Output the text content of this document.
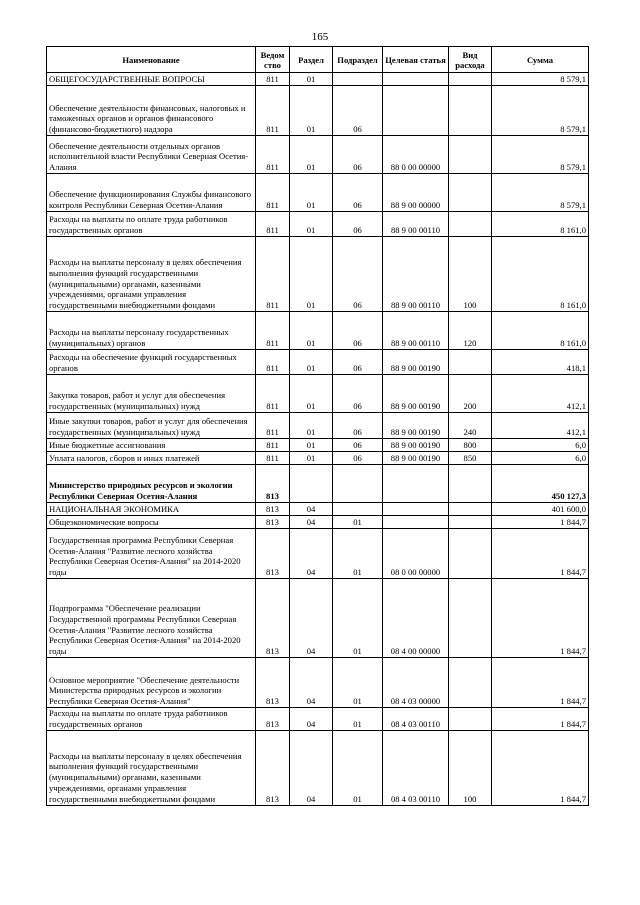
165
Наименование	Ведом ство	Раздел	Подраздел	Целевая статья	Вид расхода	Сумма
ОБЩЕГОСУДАРСТВЕННЫЕ ВОПРОСЫ	811	01				8 579,1
Обеспечение деятельности финансовых, налоговых и таможенных органов и органов финансового (финансово-бюджетного) надзора	811	01	06			8 579,1
Обеспечение деятельности отдельных органов исполнительной власти Республики Северная Осетия-Алания	811	01	06	88 0 00 00000		8 579,1
Обеспечение функционирования Службы финансового контроля Республики Северная Осетия-Алания	811	01	06	88 9 00 00000		8 579,1
Расходы на выплаты по оплате труда работников государственных органов	811	01	06	88 9 00 00110		8 161,0
Расходы на выплаты персоналу в целях обеспечения выполнения функций государственными (муниципальными) органами, казенными учреждениями, органами управления государственными внебюджетными фондами	811	01	06	88 9 00 00110	100	8 161,0
Расходы на выплаты персоналу государственных (муниципальных) органов	811	01	06	88 9 00 00110	120	8 161,0
Расходы на обеспечение функций государственных органов	811	01	06	88 9 00 00190		418,1
Закупка товаров, работ и услуг для обеспечения государственных (муниципальных) нужд	811	01	06	88 9 00 00190	200	412,1
Иные закупки товаров, работ и услуг для обеспечения государственных (муниципальных) нужд	811	01	06	88 9 00 00190	240	412,1
Иные бюджетные ассигнования	811	01	06	88 9 00 00190	800	6,0
Уплата налогов, сборов и иных платежей	811	01	06	88 9 00 00190	850	6,0
Министерство природных ресурсов и экологии Республики Северная Осетия-Алания	813					450 127,3
НАЦИОНАЛЬНАЯ ЭКОНОМИКА	813	04				401 600,0
Общеэкономические вопросы	813	04	01			1 844,7
Государственная программа Республики Северная Осетия-Алания "Развитие лесного хозяйства Республики Северная Осетия-Алания" на 2014-2020 годы	813	04	01	08 0 00 00000		1 844,7
Подпрограмма "Обеспечение реализации Государственной программы Республики Северная Осетия-Алания "Развитие лесного хозяйства Республики Северная Осетия-Алания" на 2014-2020 годы	813	04	01	08 4 00 00000		1 844,7
Основное мероприятие "Обеспечение деятельности Министерства природных ресурсов и экологии Республики Северная Осетия-Алания"	813	04	01	08 4 03 00000		1 844,7
Расходы на выплаты по оплате труда работников государственных органов	813	04	01	08 4 03 00110		1 844,7
Расходы на выплаты персоналу в целях обеспечения выполнения функций государственными (муниципальными) органами, казенными учреждениями, органами управления государственными внебюджетными фондами	813	04	01	08 4 03 00110	100	1 844,7
